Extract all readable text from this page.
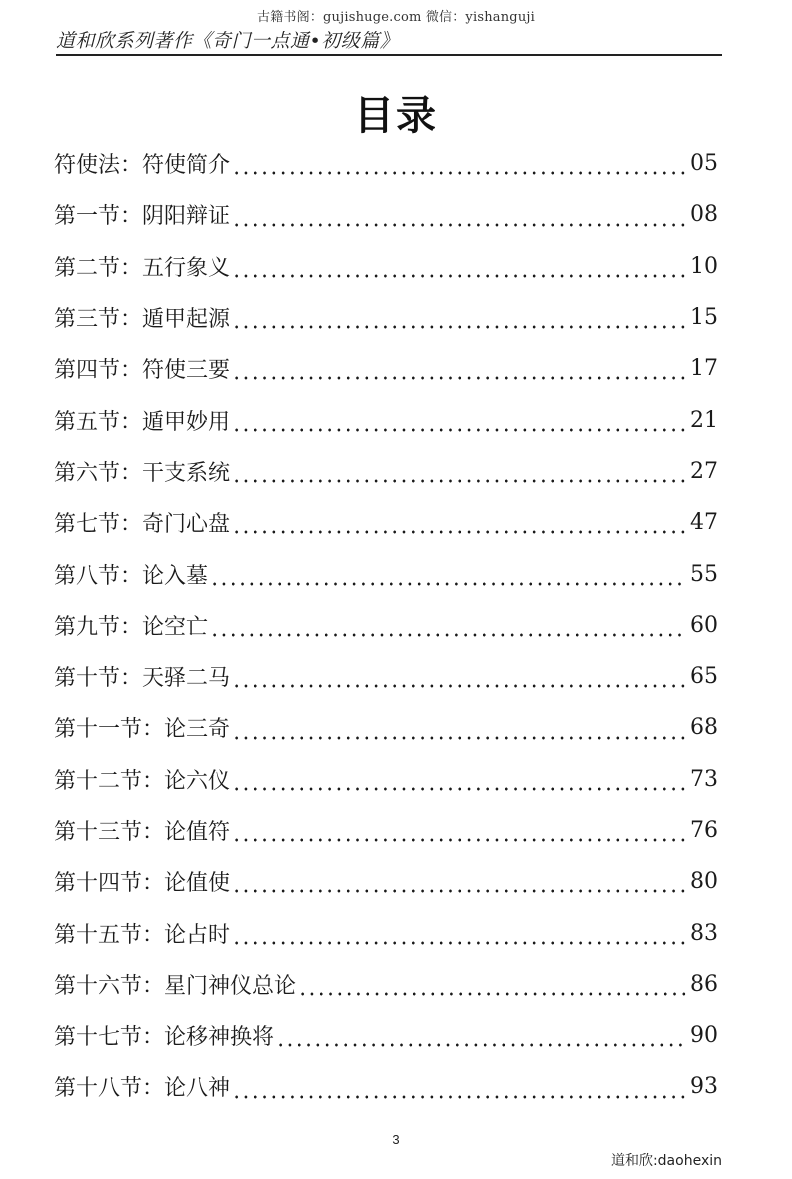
古籍书阁：gujishuge.com 微信：yishanguji
道和欣系列著作《奇门一点通•初级篇》
目录
符使法：符使简介	05
第一节：阴阳辩证	08
第二节：五行象义	10
第三节：遁甲起源	15
第四节：符使三要	17
第五节：遁甲妙用	21
第六节：干支系统	27
第七节：奇门心盘	47
第八节：论入墓	55
第九节：论空亡	60
第十节：天驿二马	65
第十一节：论三奇	68
第十二节：论六仪	73
第十三节：论值符	76
第十四节：论值使	80
第十五节：论占时	83
第十六节：星门神仪总论	86
第十七节：论移神换将	90
第十八节：论八神	93
3
道和欣:daohexin
